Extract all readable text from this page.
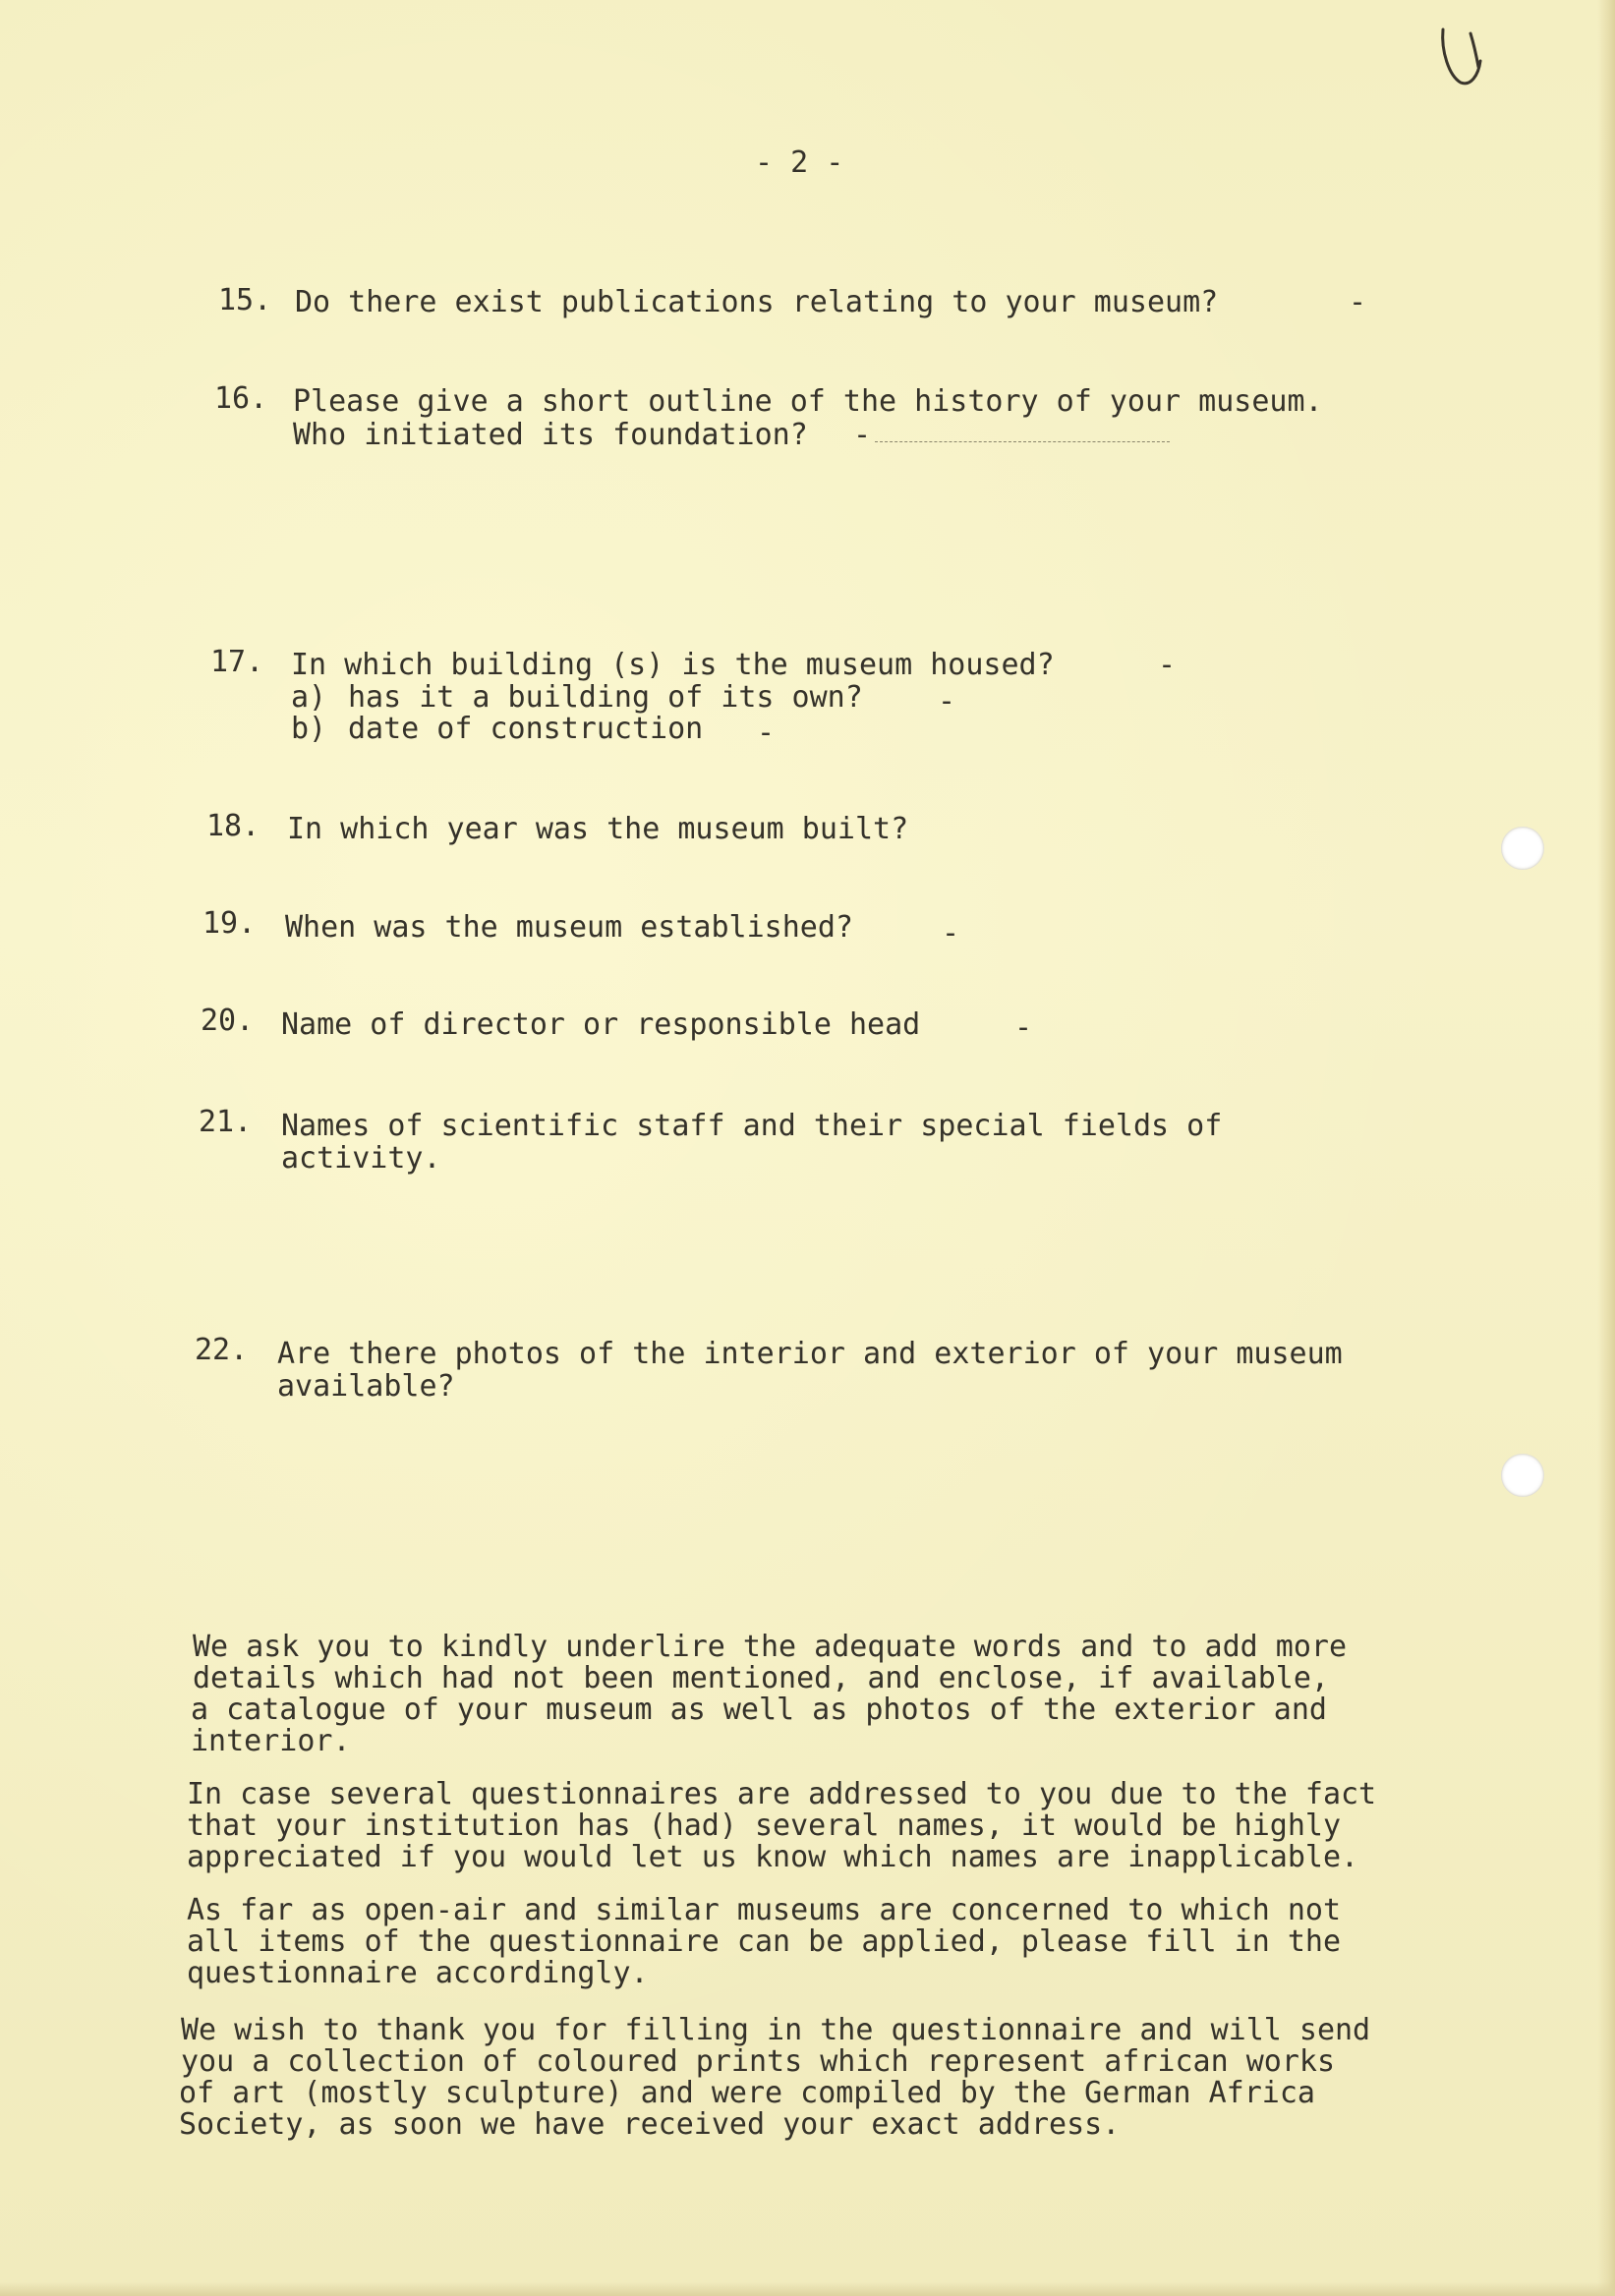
- 2 -
15. Do there exist publications relating to your museum?	-
16. Please give a short outline of the history of your museum.
Who initiated its foundation? -
17. In which building (s) is the museum housed?	-
a) has it a building of its own?	-
b) date of construction -
18. In which year was the museum built?
19. When was the museum established?	-
20. Name of director or responsible head	-
21. Names of scientific staff and their special fields of
activity.
22. Are there photos of the interior and exterior of your museum
available?
We ask you to kindly underlire the adequate words and to add more
details which had not been mentioned, and enclose, if available,
a catalogue of your museum as well as photos of the exterior and
interior.
In case several questionnaires are addressed to you due to the fact
that your institution has (had) several names, it would be highly
appreciated if you would let us know which names are inapplicable.
As far as open-air and similar museums are concerned to which not
all items of the questionnaire can be applied, please fill in the
questionnaire accordingly.
We wish to thank you for filling in the questionnaire and will send
you a collection of coloured prints which represent african works
of art (mostly sculpture) and were compiled by the German Africa
Society, as soon we have received your exact address.
